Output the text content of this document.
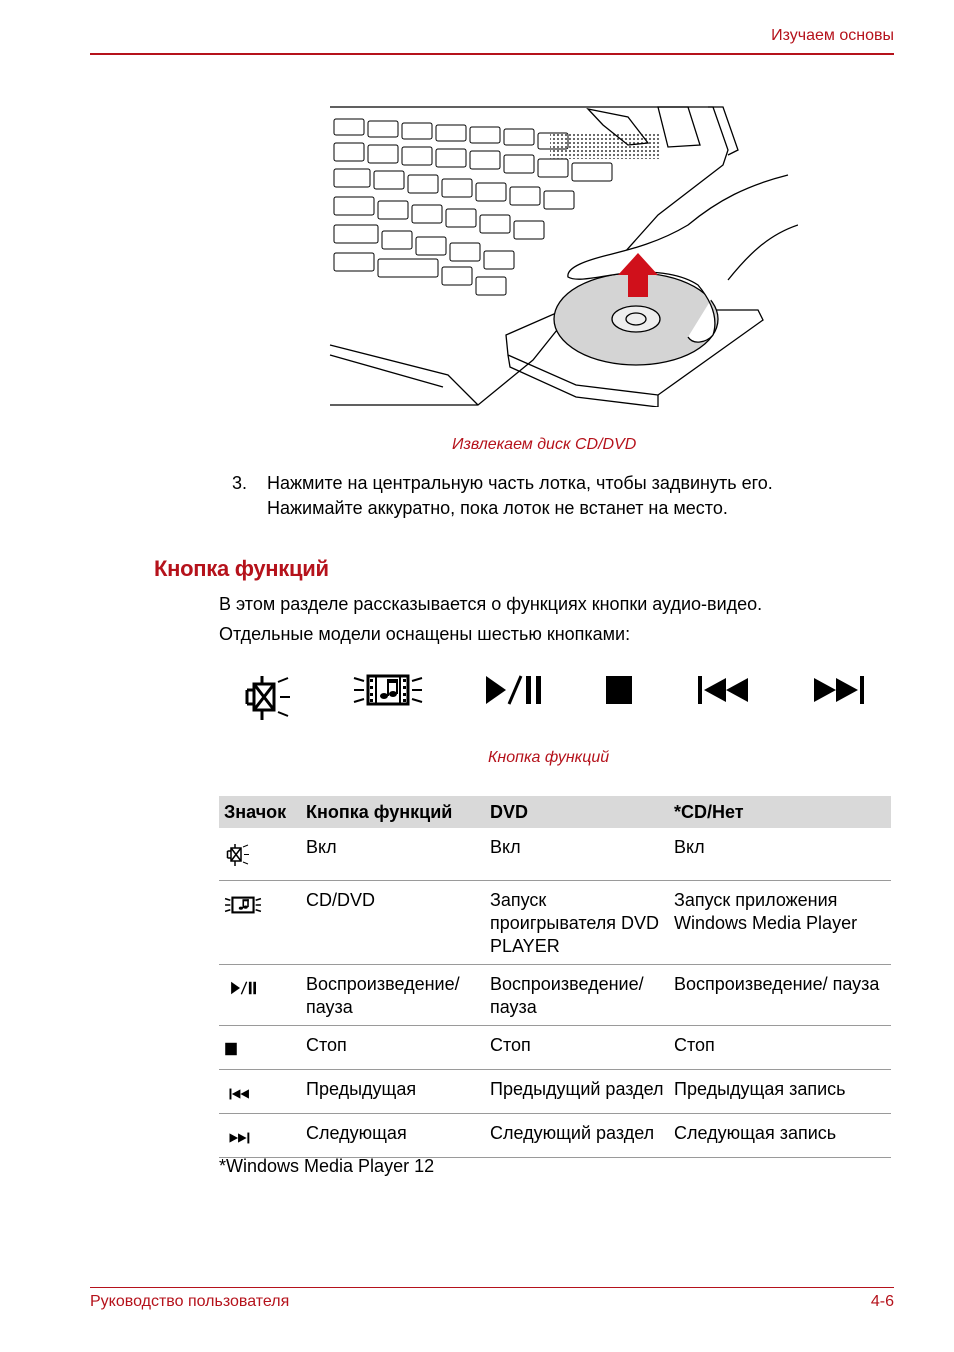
Изучаем основы
Извлекаем диск CD/DVD
3. Нажмите на центральную часть лотка, чтобы задвинуть его.
Нажимайте аккуратно, пока лоток не встанет на место.
Кнопка функций
В этом разделе рассказывается о функциях кнопки аудио-видео.
Отдельные модели оснащены шестью кнопками:
Кнопка функций
Значок	Кнопка функций	DVD	*CD/Нет
	Вкл	Вкл	Вкл
	CD/DVD	Запуск проигрывателя DVD PLAYER	Запуск приложения Windows Media Player
	Воспроизведение/ пауза	Воспроизведение/ пауза	Воспроизведение/ пауза
	Стоп	Стоп	Стоп
	Предыдущая	Предыдущий раздел	Предыдущая запись
	Следующая	Следующий раздел	Следующая запись
*Windows Media Player 12
Руководство пользователя	4-6
